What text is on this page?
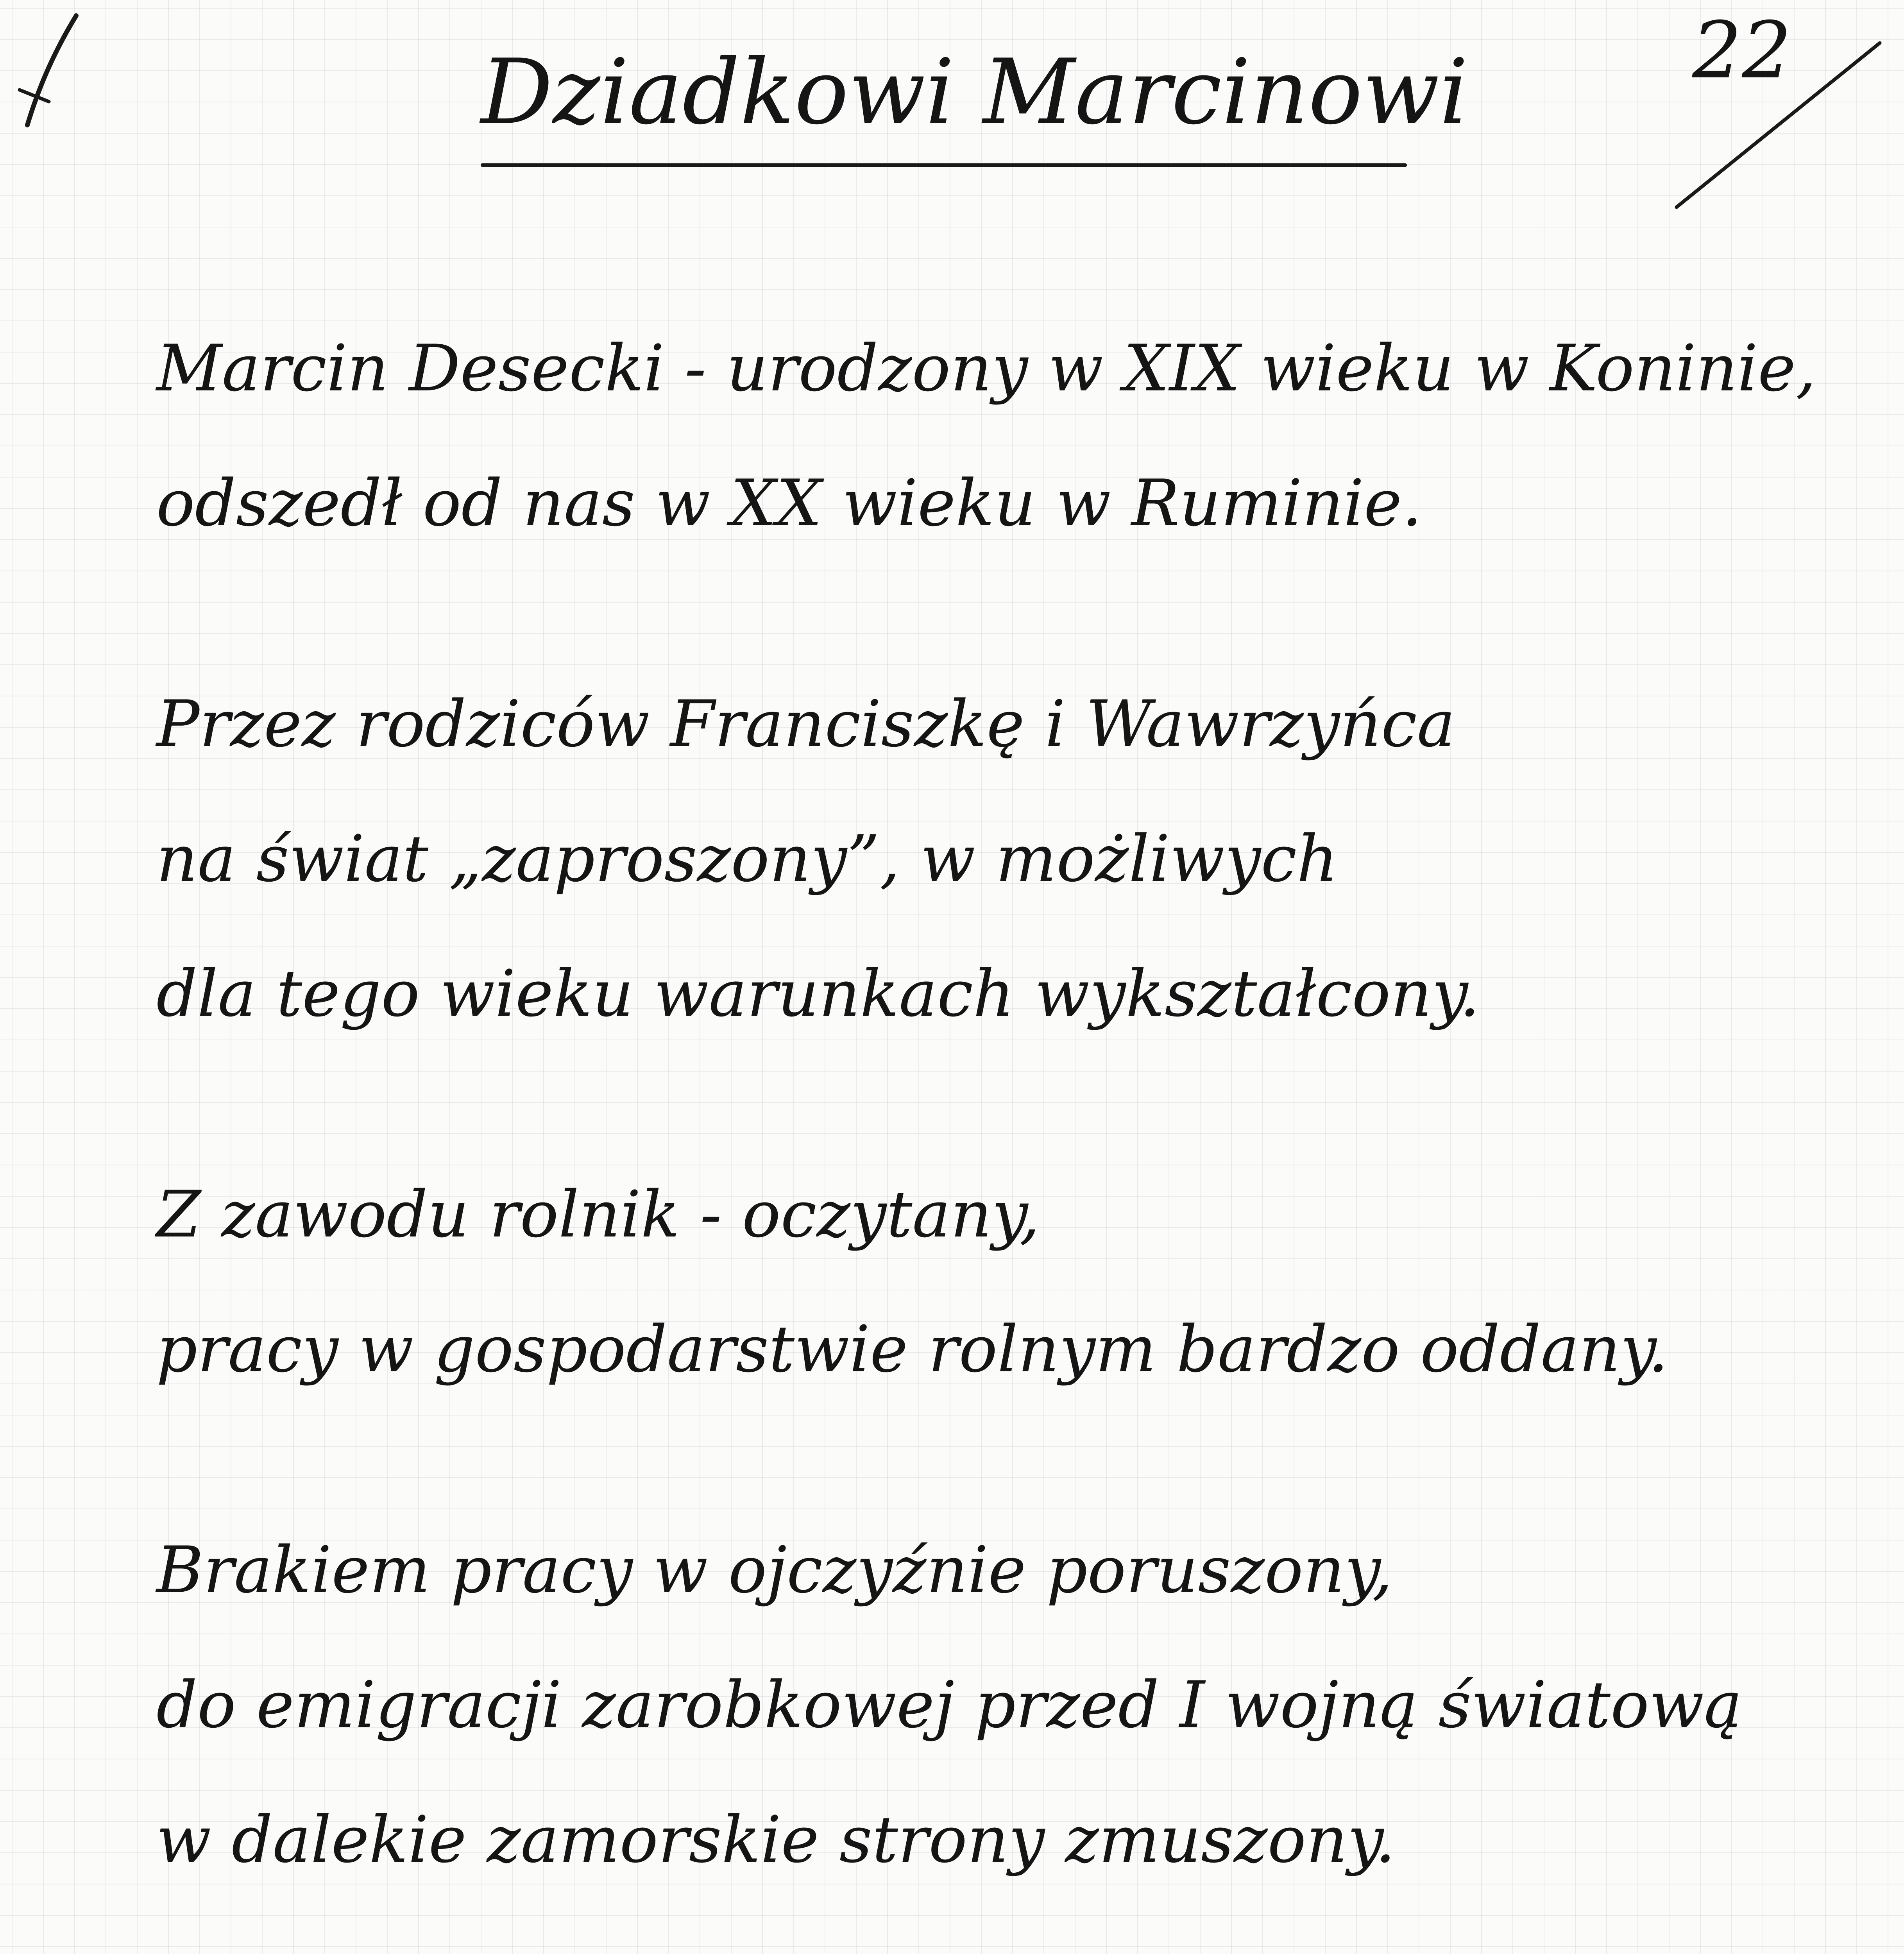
22
Dziadkowi Marcinowi
Marcin Desecki - urodzony w XIX wieku w Koninie,
odszedł od nas w XX wieku w Ruminie.
Przez rodziców Franciszkę i Wawrzyńca
na świat „zaproszony”, w możliwych
dla tego wieku warunkach wykształcony.
Z zawodu rolnik - oczytany,
pracy w gospodarstwie rolnym bardzo oddany.
Brakiem pracy w ojczyźnie poruszony,
do emigracji zarobkowej przed I wojną światową
w dalekie zamorskie strony zmuszony.
